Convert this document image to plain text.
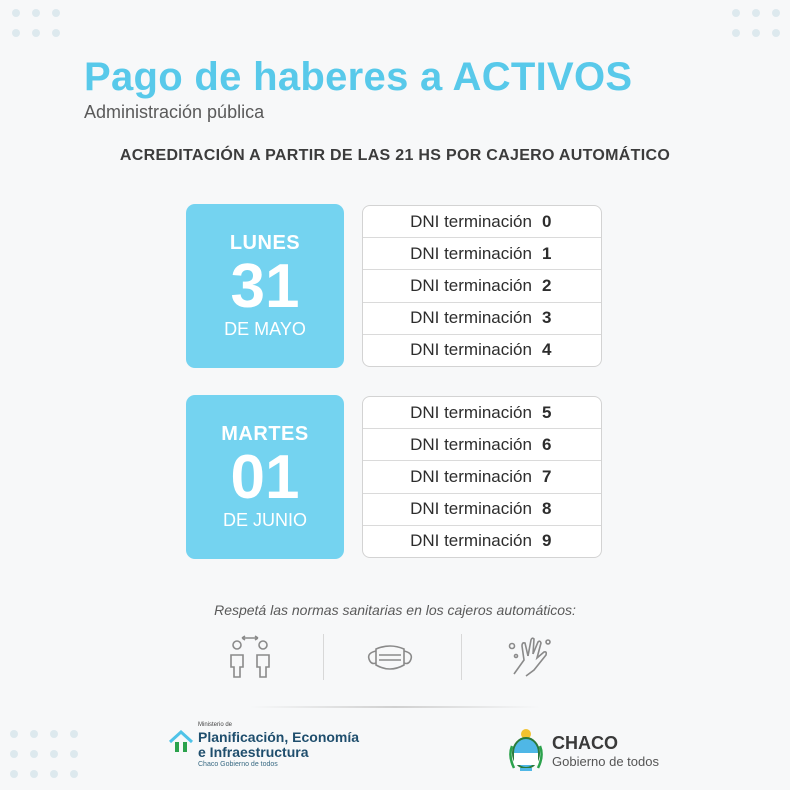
Pago de haberes a ACTIVOS
Administración pública
ACREDITACIÓN A PARTIR DE LAS 21 HS POR CAJERO AUTOMÁTICO
LUNES
31
DE MAYO
DNI terminación 0
DNI terminación 1
DNI terminación 2
DNI terminación 3
DNI terminación 4
MARTES
01
DE JUNIO
DNI terminación 5
DNI terminación 6
DNI terminación 7
DNI terminación 8
DNI terminación 9
Respetá las normas sanitarias en los cajeros automáticos:
Ministerio de
Planificación, Economía
e Infraestructura
Chaco Gobierno de todos
CHACO
Gobierno de todos
